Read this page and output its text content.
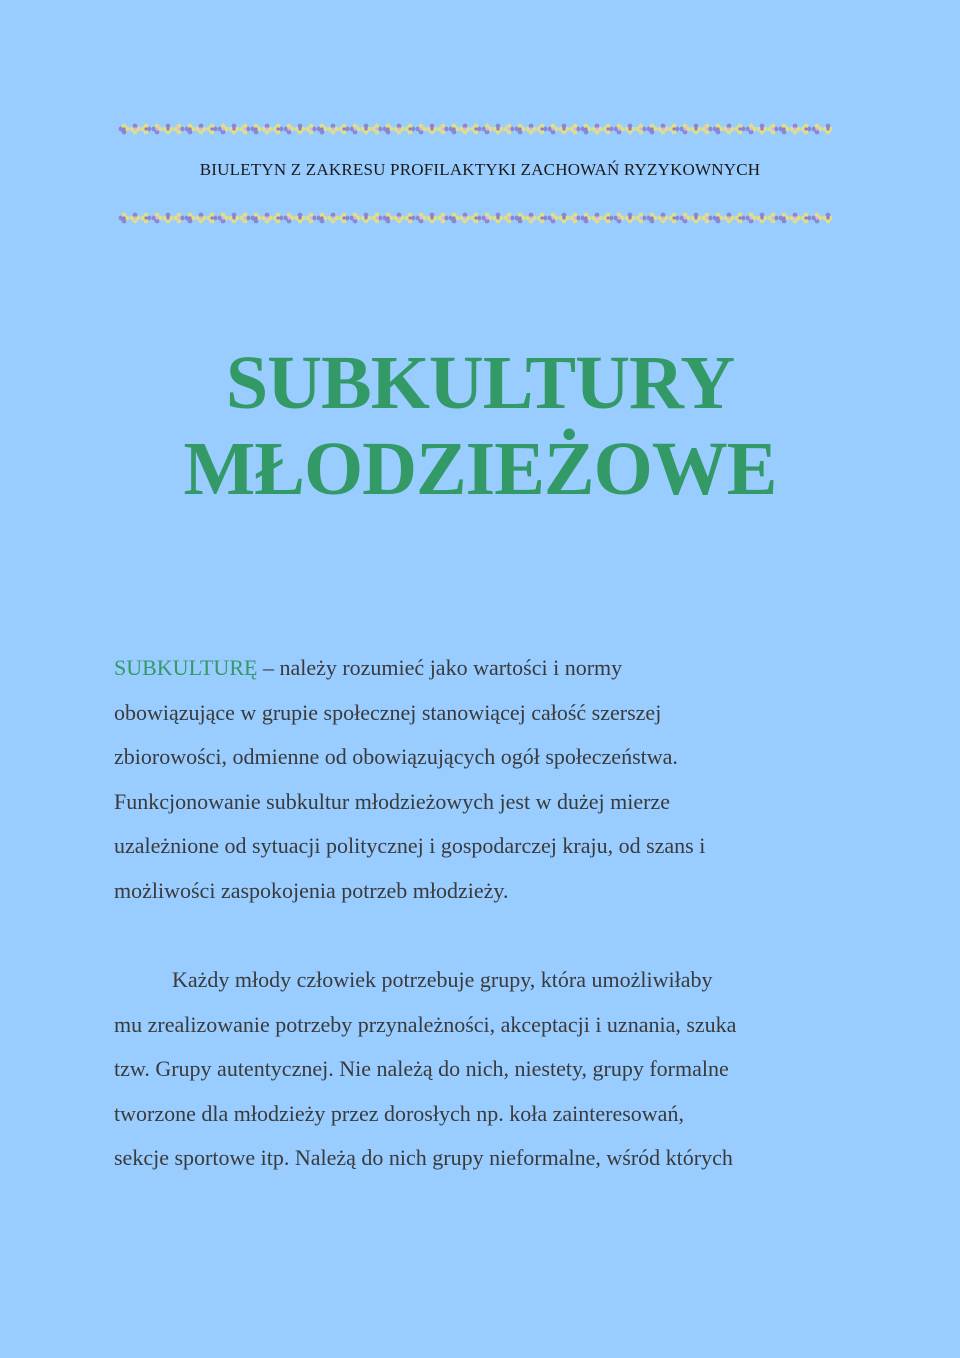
BIULETYN Z ZAKRESU PROFILAKTYKI ZACHOWAŃ RYZYKOWNYCH
SUBKULTURY
MŁODZIEŻOWE
SUBKULTURĘ – należy rozumieć jako wartości i normy
obowiązujące w grupie społecznej stanowiącej całość szerszej
zbiorowości, odmienne od obowiązujących ogół społeczeństwa.
Funkcjonowanie subkultur młodzieżowych jest w dużej mierze
uzależnione od sytuacji politycznej i gospodarczej kraju, od szans i
możliwości zaspokojenia potrzeb młodzieży.
Każdy młody człowiek potrzebuje grupy, która umożliwiłaby
mu zrealizowanie potrzeby przynależności, akceptacji i uznania, szuka
tzw. Grupy autentycznej. Nie należą do nich, niestety, grupy formalne
tworzone dla młodzieży przez dorosłych np. koła zainteresowań,
sekcje sportowe itp. Należą do nich grupy nieformalne, wśród których
